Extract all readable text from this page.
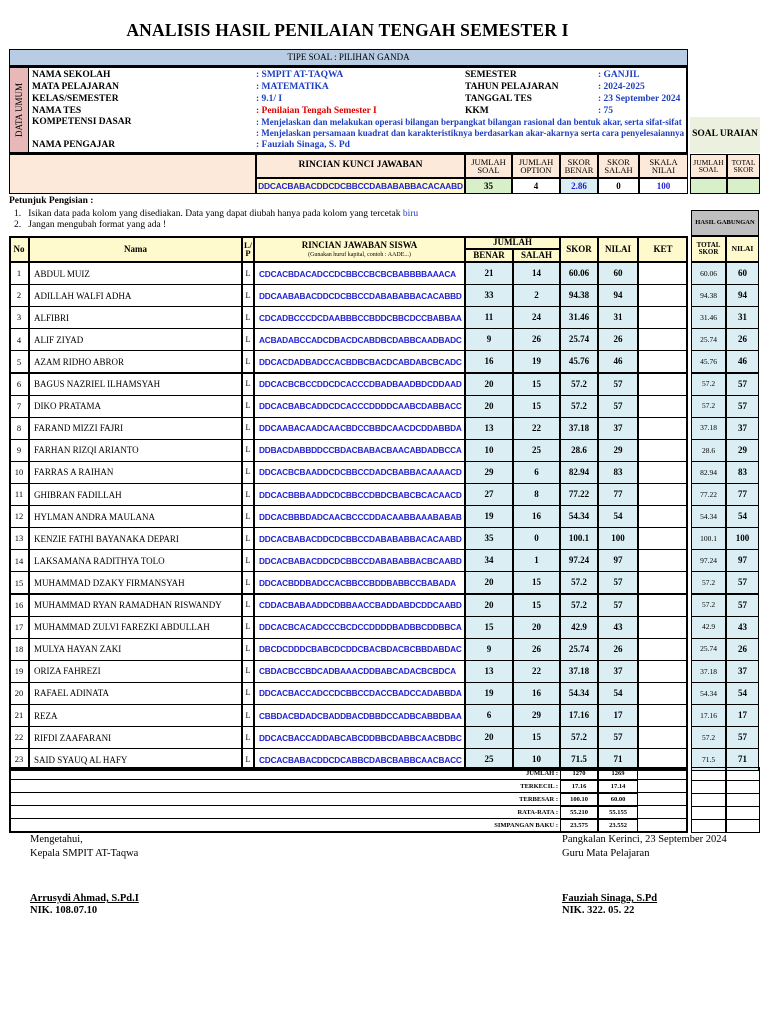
ANALISIS HASIL PENILAIAN TENGAH SEMESTER I
TIPE SOAL : PILIHAN GANDA
DATA UMUM
NAMA SEKOLAH	: SMPIT AT-TAQWA
MATA PELAJARAN	: MATEMATIKA
KELAS/SEMESTER	: 9.1/ I
NAMA TES	: Penilaian Tengah Semester I
KOMPETENSI DASAR	: Menjelaskan dan melakukan operasi bilangan berpangkat bilangan rasional dan bentuk akar, serta sifat-sifat
: Menjelaskan persamaan kuadrat dan karakteristiknya berdasarkan akar-akarnya serta cara penyelesaiannya
NAMA PENGAJAR	: Fauziah Sinaga, S. Pd
SEMESTER	: GANJIL
TAHUN PELAJARAN	: 2024-2025
TANGGAL TES	: 23 September 2024
KKM	: 75
RINCIAN KUNCI JAWABAN	JUMLAH SOAL
JUMLAH OPTION
SKOR BENAR
SKOR SALAH
SKALA NILAI
DDCACBABACDDCDCBBCCDABABABBACACAABD	35	4	2.86	0	100
SOAL URAIAN
JUMLAH SOAL
TOTAL SKOR
Petunjuk Pengisian :
1. Isikan data pada kolom yang disediakan. Data yang dapat diubah hanya pada kolom yang tercetak biru
2. Jangan mengubah format yang ada !	HASIL GABUNGAN
No	Nama	L/ P
RINCIAN JAWABAN SISWA
(Gunakan huruf kapital, contoh : AADE...)
JUMLAH
BENAR	SALAH
SKOR	NILAI	KET	TOTAL SKOR	NILAI
1	ABDUL MUIZ	L	CDCACBDACADCCDCBBCCBCBCBABBBBAAACA	21	14	60.06	60	60.06	60
2	ADILLAH WALFI ADHA	L	DDCAABABACDDCDCBBCCDABABABBACACABBD	33	2	94.38	94	94.38	94
3	ALFIBRI	L	CDCADBCCCDCDAABBBCCBDDCBBCDCCBABBAA	11	24	31.46	31	31.46	31
4	ALIF ZIYAD	L	ACBADABCCADCDBACDCABDBCDABBCAADBADC	9	26	25.74	26	25.74	26
5	AZAM RIDHO ABROR	L	DDCACDADBADCCACBDBCBACDCABDABCBCADC	16	19	45.76	46	45.76	46
6	BAGUS NAZRIEL ILHAMSYAH	L	DDCACBCBCCDDCDCACCCDBADBAADBDCDDAAD	20	15	57.2	57	57.2	57
7	DIKO PRATAMA	L	DDCACBABCADDCDCACCCDDDDCAABCDABBACC	20	15	57.2	57	57.2	57
8	FARAND MIZZI FAJRI	L	DDCAABACAADCAACBDCCBBDCAACDCDDABBDA	13	22	37.18	37	37.18	37
9	FARHAN RIZQI ARIANTO	L	DDBACDABBDDCCBDACBABACBAACABDADBCCA	10	25	28.6	29	28.6	29
10	FARRAS A RAIHAN	L	DDCACBCBAADDCDCBBCCDADCBABBACAAAACD	29	6	82.94	83	82.94	83
11	GHIBRAN FADILLAH	L	DDCACBBBAADDCDCBBCCDBDCBABCBCACAACD	27	8	77.22	77	77.22	77
12	HYLMAN ANDRA MAULANA	L	DDCACBBBDADCAACBCCCDDACAABBAAABABAB	19	16	54.34	54	54.34	54
13	KENZIE FATHI BAYANAKA DEPARI	L	DDCACBABACDDCDCBBCCDABABABBACACAABD	35	0	100.1	100	100.1	100
14	LAKSAMANA RADITHYA TOLO	L	DDCACBABACDDCDCBBCCDABABABBACBCAABD	34	1	97.24	97	97.24	97
15	MUHAMMAD DZAKY FIRMANSYAH	L	DDCACBDDBADCCACBBCCBDDBABBCCBABADA	20	15	57.2	57	57.2	57
16	MUHAMMAD RYAN RAMADHAN RISWANDY	L	CDDACBABAADDCDBBAACCBADDABDCDDCAABD	20	15	57.2	57	57.2	57
17	MUHAMMAD ZULVI FAREZKI ABDULLAH	L	DDCACBCACADCCCBCDCCDDDDBADBBCDDBBCA	15	20	42.9	43	42.9	43
18	MULYA HAYAN ZAKI	L	DBCDCDDDCBABCDCDDCBACBDACBCBBDABDAC	9	26	25.74	26	25.74	26
19	ORIZA FAHREZI	L	CBDACBCCBDCADBAAACDDBABCADACBCBDCA	13	22	37.18	37	37.18	37
20	RAFAEL ADINATA	L	DDCACBACCADCCDCBBCCDACCBADCCADABBDA	19	16	54.34	54	54.34	54
21	REZA	L	CBBDACBDADCBADDBACDBBDCCADBCABBDBAA	6	29	17.16	17	17.16	17
22	RIFDI ZAAFARANI	L	DDCACBACCADDABCABCDDBBCDABBCAACBDBC	20	15	57.2	57	57.2	57
23	SAID SYAUQ AL HAFY	L	CDCACBABACDDCDCABBCDABCBABBCAACBACC	25	10	71.5	71	71.5	71
JUMLAH :	1270	1269
TERKECIL :	17.16	17.14
TERBESAR :	100.10	60.00
RATA-RATA :	55.210	55.155
SIMPANGAN BAKU :	23.575	23.552
Mengetahui,
Kepala SMPIT AT-Taqwa
Arrusydi Ahmad, S.Pd.I
NIK. 108.07.10
Pangkalan Kerinci, 23 September 2024
Guru Mata Pelajaran
Fauziah Sinaga, S.Pd
NIK. 322. 05. 22
